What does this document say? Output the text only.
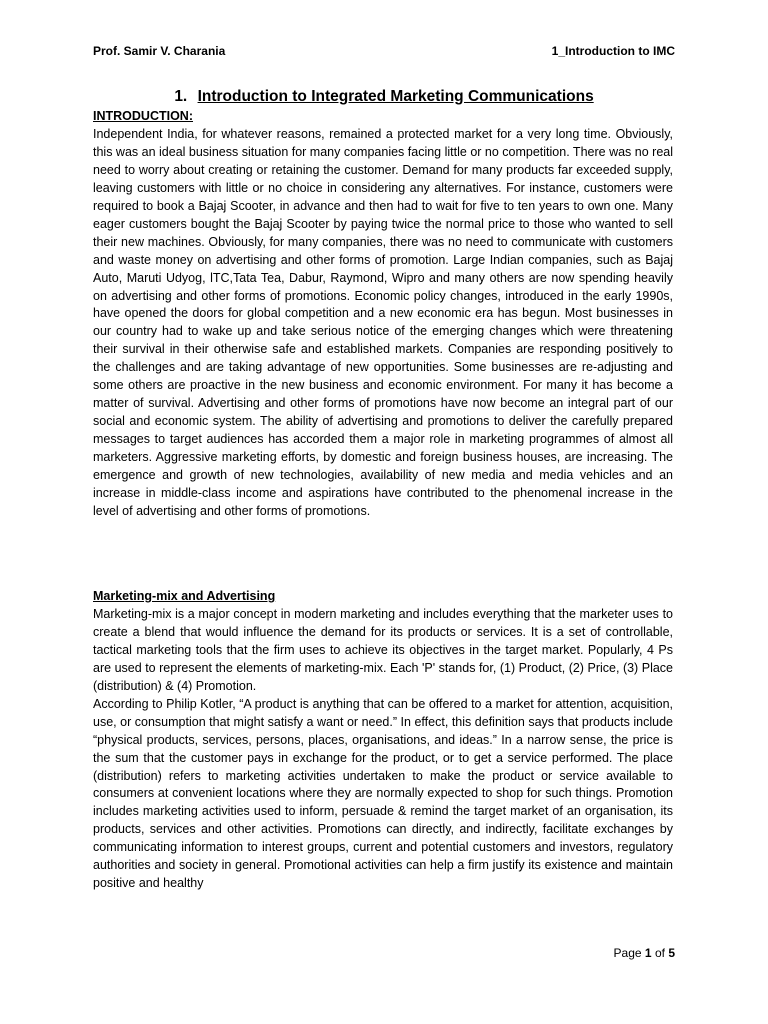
Prof. Samir V. Charania	1_Introduction to IMC
1. Introduction to Integrated Marketing Communications
INTRODUCTION:

Independent India, for whatever reasons, remained a protected market for a very long time. Obviously, this was an ideal business situation for many companies facing little or no competition. There was no real need to worry about creating or retaining the customer. Demand for many products far exceeded supply, leaving customers with little or no choice in considering any alternatives. For instance, customers were required to book a Bajaj Scooter, in advance and then had to wait for five to ten years to own one. Many eager customers bought the Bajaj Scooter by paying twice the normal price to those who wanted to sell their new machines. Obviously, for many companies, there was no need to communicate with customers and waste money on advertising and other forms of promotion. Large Indian companies, such as Bajaj Auto, Maruti Udyog, lTC,Tata Tea, Dabur, Raymond, Wipro and many others are now spending heavily on advertising and other forms of promotions. Economic policy changes, introduced in the early 1990s, have opened the doors for global competition and a new economic era has begun. Most businesses in our country had to wake up and take serious notice of the emerging changes which were threatening their survival in their otherwise safe and established markets. Companies are responding positively to the challenges and are taking advantage of new opportunities. Some businesses are re-adjusting and some others are proactive in the new business and economic environment. For many it has become a matter of survival. Advertising and other forms of promotions have now become an integral part of our social and economic system. The ability of advertising and promotions to deliver the carefully prepared messages to target audiences has accorded them a major role in marketing programmes of almost all marketers. Aggressive marketing efforts, by domestic and foreign business houses, are increasing. The emergence and growth of new technologies, availability of new media and media vehicles and an increase in middle-class income and aspirations have contributed to the phenomenal increase in the level of advertising and other forms of promotions.

Marketing-mix and Advertising

Marketing-mix is a major concept in modern marketing and includes everything that the marketer uses to create a blend that would influence the demand for its products or services. It is a set of controllable, tactical marketing tools that the firm uses to achieve its objectives in the target market. Popularly, 4 Ps are used to represent the elements of marketing-mix. Each 'P' stands for, (1) Product, (2) Price, (3) Place (distribution) & (4) Promotion.

According to Philip Kotler, “A product is anything that can be offered to a market for attention, acquisition, use, or consumption that might satisfy a want or need.” In effect, this definition says that products include “physical products, services, persons, places, organisations, and ideas.” In a narrow sense, the price is the sum that the customer pays in exchange for the product, or to get a service performed. The place (distribution) refers to marketing activities undertaken to make the product or service available to consumers at convenient locations where they are normally expected to shop for such things. Promotion includes marketing activities used to inform, persuade & remind the target market of an organisation, its products, services and other activities. Promotions can directly, and indirectly, facilitate exchanges by communicating information to interest groups, current and potential customers and investors, regulatory authorities and society in general. Promotional activities can help a firm justify its existence and maintain positive and healthy

Page 1 of 5
